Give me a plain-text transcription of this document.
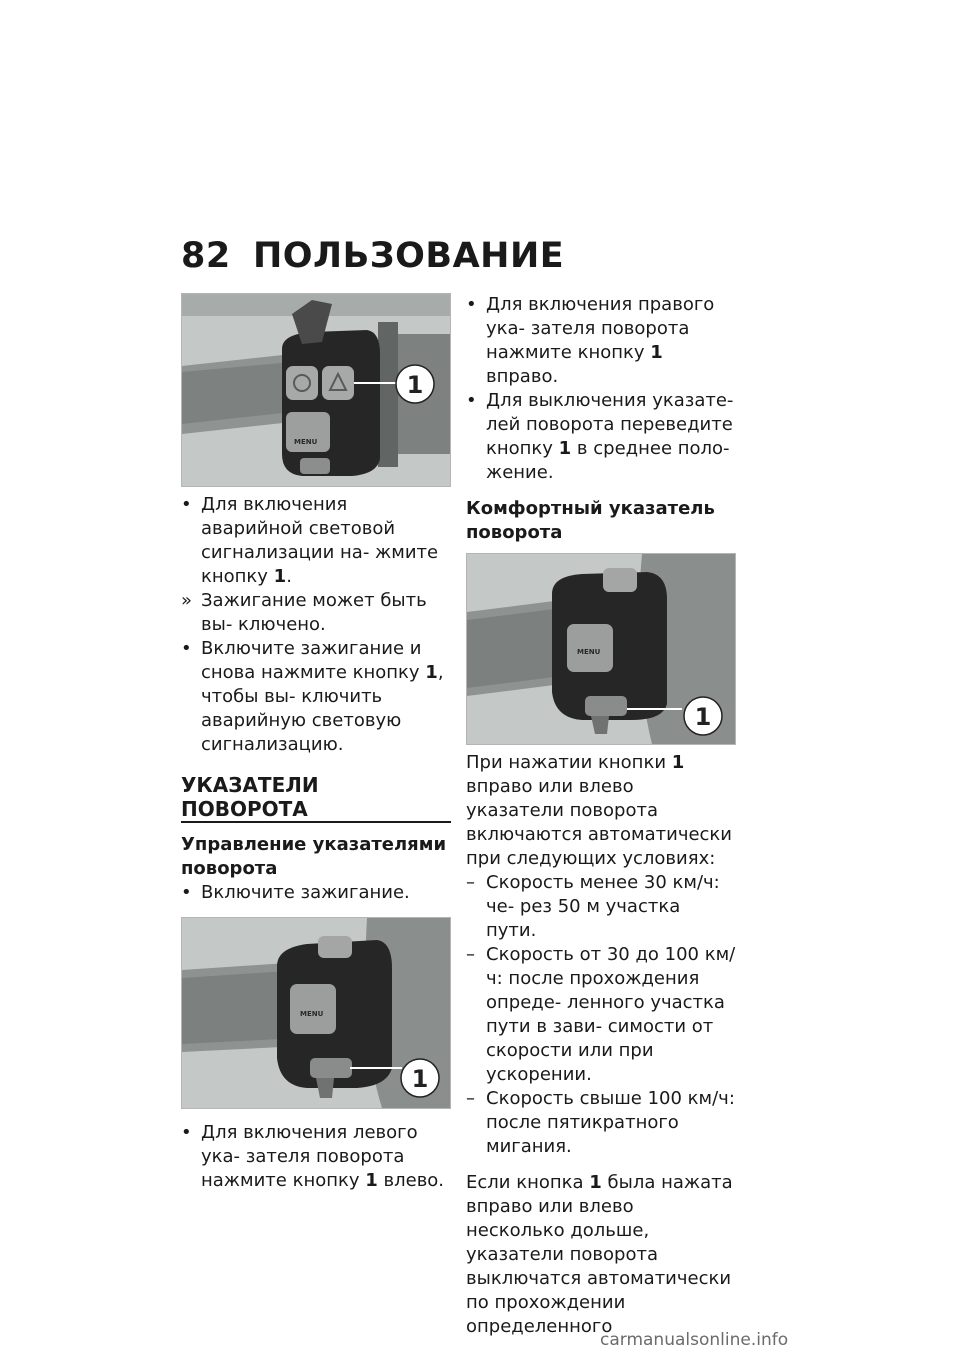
82 ПОЛЬЗОВАНИЕ
MENU
1

• Для включения аварийной световой сигнализации на- жмите кнопку 1.

» Зажигание может быть вы- ключено.

• Включите зажигание и снова нажмите кнопку 1, чтобы вы- ключить аварийную световую сигнализацию.

УКАЗАТЕЛИ ПОВОРОТА

Управление указателями поворота

• Включите зажигание.

MENU
1

• Для включения левого ука- зателя поворота нажмите кнопку 1 влево.

• Для включения правого ука- зателя поворота нажмите кнопку 1 вправо.

• Для выключения указате- лей поворота переведите кнопку 1 в среднее поло- жение.

Комфортный указатель поворота

MENU
1

При нажатии кнопки 1 вправо или влево указатели поворота включаются автоматически при следующих условиях:

– Скорость менее 30 км/ч: че- рез 50 м участка пути.

– Скорость от 30 до 100 км/ч: после прохождения опреде- ленного участка пути в зави- симости от скорости или при ускорении.

– Скорость свыше 100 км/ч: после пятикратного мигания.

Если кнопка 1 была нажата вправо или влево несколько дольше, указатели поворота выключатся автоматически по прохождении определенного

carmanualsonline.info
